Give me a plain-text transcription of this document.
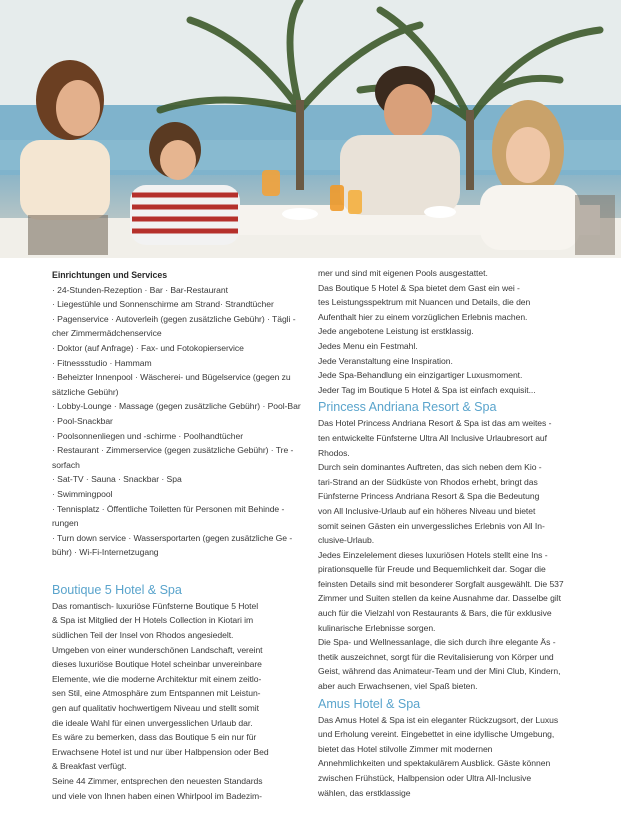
Einrichtungen und Services
· 24-Stunden-Rezeption · Bar · Bar-Restaurant
· Liegestühle und Sonnenschirme am Strand· Strandtücher
· Pagenservice · Autoverleih (gegen zusätzliche Gebühr) · Tägli -
cher Zimmermädchenservice
· Doktor (auf Anfrage) · Fax- und Fotokopierservice
· Fitnessstudio · Hammam
· Beheizter Innenpool · Wäscherei- und Bügelservice (gegen zu
sätzliche Gebühr)
· Lobby-Lounge · Massage (gegen zusätzliche Gebühr) · Pool-Bar
· Pool-Snackbar
· Poolsonnenliegen und -schirme · Poolhandtücher
· Restaurant · Zimmerservice (gegen zusätzliche Gebühr) · Tre -
sorfach
· Sat-TV · Sauna · Snackbar · Spa
· Swimmingpool
· Tennisplatz · Öffentliche Toiletten für Personen mit Behinde -
rungen
· Turn down service · Wassersportarten (gegen zusätzliche Ge -
bühr) · Wi-Fi-Internetzugang
Boutique 5 Hotel & Spa
Das romantisch- luxuriöse Fünfsterne Boutique 5 Hotel
& Spa ist Mitglied der H Hotels Collection in Kiotari im
südlichen Teil der Insel von Rhodos angesiedelt.
Umgeben von einer wunderschönen Landschaft, vereint
dieses luxuriöse Boutique Hotel scheinbar unvereinbare
Elemente, wie die moderne Architektur mit einem zeitlo-
sen Stil, eine Atmosphäre zum Entspannen mit Leistun-
gen auf qualitativ hochwertigem Niveau und stellt somit
die ideale Wahl für einen unvergesslichen Urlaub dar.
Es wäre zu bemerken, dass das Boutique 5 ein nur für
Erwachsene Hotel ist und nur über Halbpension oder Bed
& Breakfast verfügt.
Seine 44 Zimmer, entsprechen den neuesten Standards
und viele von Ihnen haben einen Whirlpool im Badezim-
mer und sind mit eigenen Pools ausgestattet.
Das Boutique 5 Hotel & Spa bietet dem Gast ein wei -
tes Leistungsspektrum mit Nuancen und Details, die den
Aufenthalt hier zu einem vorzüglichen Erlebnis machen.
Jede angebotene Leistung ist erstklassig.
Jedes Menu ein Festmahl.
Jede Veranstaltung eine Inspiration.
Jede Spa-Behandlung ein einzigartiger Luxusmoment.
Jeder Tag im Boutique 5 Hotel & Spa ist einfach exquisit...
Princess Andriana Resort & Spa
Das Hotel Princess Andriana Resort & Spa ist das am weites -
ten entwickelte Fünfsterne Ultra All Inclusive Urlaubresort auf
Rhodos.
Durch sein dominantes Auftreten, das sich neben dem Kio -
tari-Strand an der Südküste von Rhodos erhebt, bringt das
Fünfsterne Princess Andriana Resort & Spa die Bedeutung
von All Inclusive-Urlaub auf ein höheres Niveau und bietet
somit seinen Gästen ein unvergessliches Erlebnis von All In-
clusive-Urlaub.
Jedes Einzelelement dieses luxuriösen Hotels stellt eine Ins -
pirationsquelle für Freude und Bequemlichkeit dar. Sogar die
feinsten Details sind mit besonderer Sorgfalt ausgewählt. Die 537
Zimmer und Suiten stellen da keine Ausnahme dar. Dasselbe gilt
auch für die Vielzahl von Restaurants & Bars, die für exklusive
kulinarische Erlebnisse sorgen.
Die Spa- und Wellnessanlage, die sich durch ihre elegante Äs -
thetik auszeichnet, sorgt für die Revitalisierung von Körper und
Geist, während das Animateur-Team und der Mini Club, Kindern,
aber auch Erwachsenen, viel Spaß bieten.
Amus Hotel & Spa
Das Amus Hotel & Spa ist ein eleganter Rückzugsort, der Luxus
und Erholung vereint. Eingebettet in eine idyllische Umgebung,
bietet das Hotel stilvolle Zimmer mit modernen
Annehmlichkeiten und spektakulärem Ausblick. Gäste können
zwischen Frühstück, Halbpension oder Ultra All-Inclusive
wählen, das erstklassige
